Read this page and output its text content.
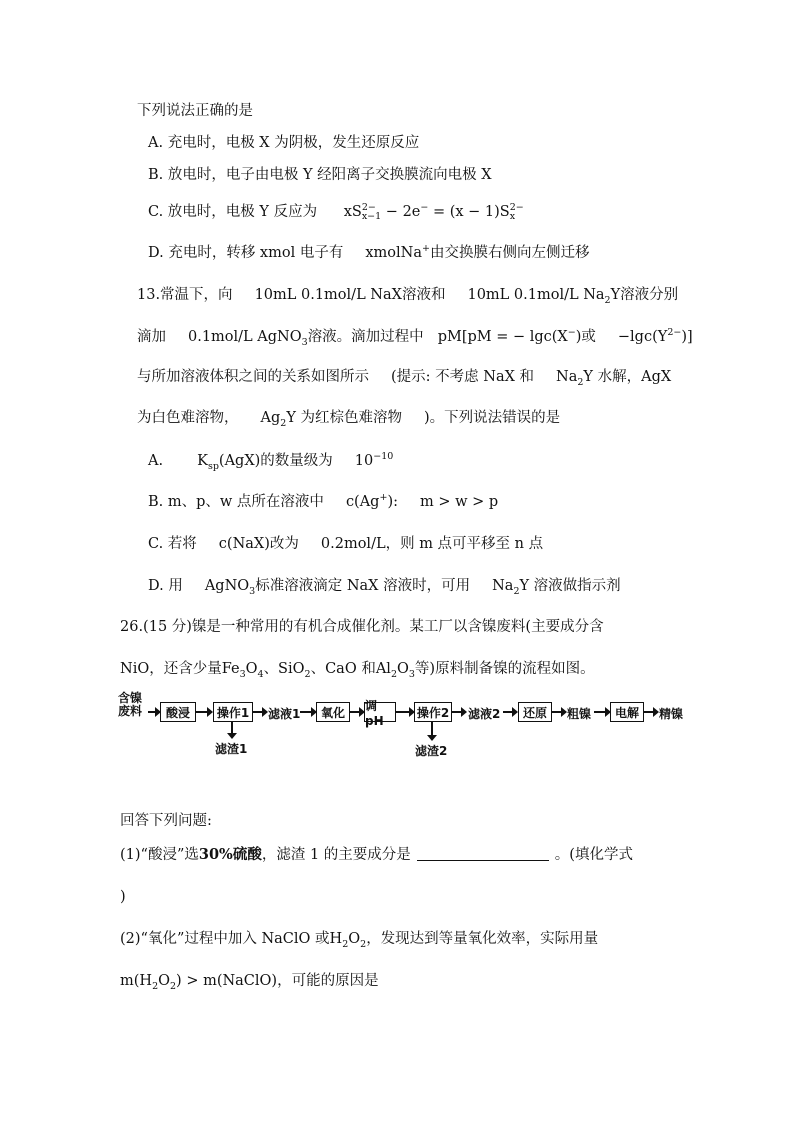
下列说法正确的是
A. 充电时，电极 X 为阴极，发生还原反应
B. 放电时，电子由电极 Y 经阳离子交换膜流向电极 X
C. 放电时，电极 Y 反应为 xS2−
x−1 − 2e− = (x − 1)S2−
x
D. 充电时，转移 xmol 电子有 xmolNa+由交换膜右侧向左侧迁移
13.常温下，向 10mL 0.1mol/L NaX溶液和 10mL 0.1mol/L $Na_2Y$溶液分别
滴加 0.1mol/L AgNO$_3$溶液。滴加过程中 pM[pM = − lgc(X−)或 $-\lg c(Y^{2-})$]
与所加溶液体积之间的关系如图所示 (提示: 不考虑 NaX 和 $Na_2Y$ 水解，AgX
为白色难溶物， $Ag_2Y$ 为红棕色难溶物 )。下列说法错误的是
A. $K_{sp}(AgX)$的数量级为 $10^{-10}$
B. m、p、w 点所在溶液中 c(Ag+): m > w > p
C. 若将 c(NaX)改为 0.2mol/L，则 m 点可平移至 n 点
D. 用 AgNO$_3$标准溶液滴定 NaX 溶液时，可用 $Na_2Y$ 溶液做指示剂
26.(15 分)镍是一种常用的有机合成催化剂。某工厂以含镍废料(主要成分含
NiO，还含少量$Fe_3O_4$、SiO$_2$、CaO 和$Al_2O_3$等)原料制备镍的流程如图。
含镍
废料	酸浸	操作1	滤液1	氧化	调pH
操作2 滤液2	还原	粗镍	电解	精镍
滤渣1	滤渣2
回答下列问题:
(1)“酸浸”选30%硫酸，滤渣 1 的主要成分是	。(填化学式
)
(2)“氧化”过程中加入 NaClO 或$H_2O_2$，发现达到等量氧化效率，实际用量
$m(H_2O_2)$ > m(NaClO)，可能的原因是
